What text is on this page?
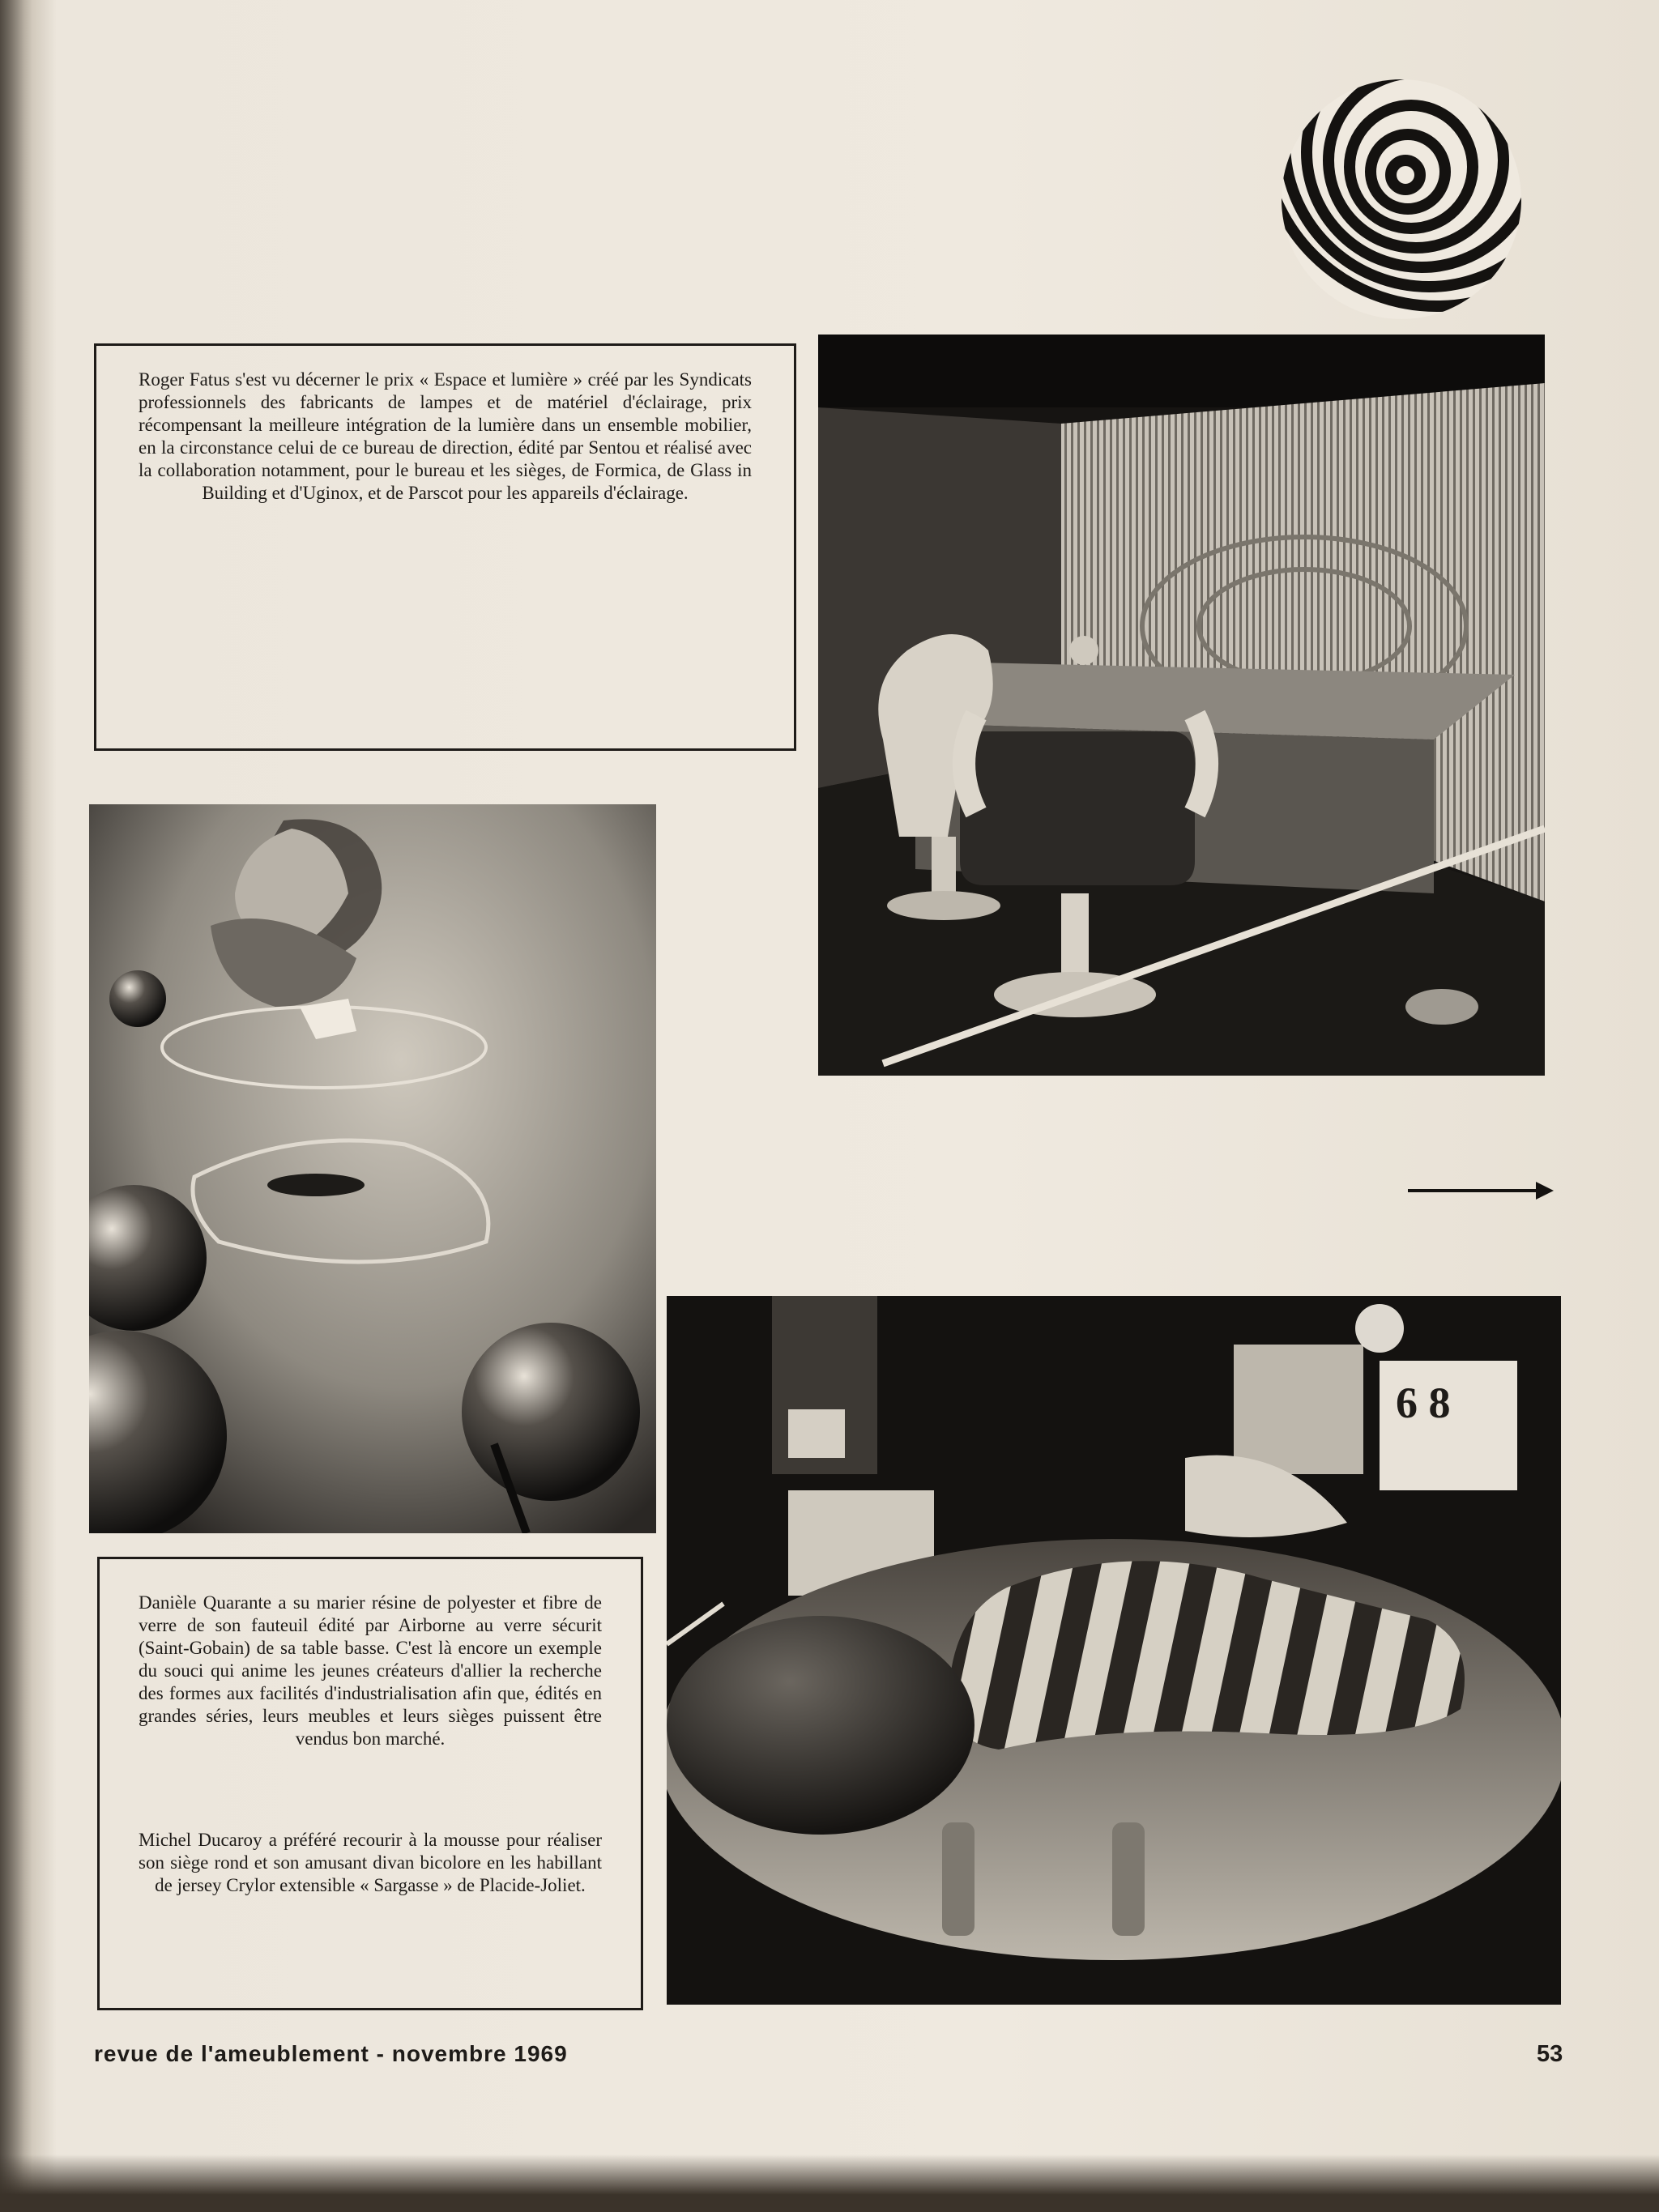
Roger Fatus s'est vu décerner le prix « Espace et lumière » créé par les Syndicats professionnels des fabricants de lampes et de matériel d'éclairage, prix récompensant la meilleure intégration de la lumière dans un ensemble mobilier, en la circonstance celui de ce bureau de direction, édité par Sentou et réalisé avec la collaboration notamment, pour le bureau et les sièges, de Formica, de Glass in Building et d'Uginox, et de Parscot pour les appareils d'éclairage.

6 8

Danièle Quarante a su marier résine de polyester et fibre de verre de son fauteuil édité par Airborne au verre sécurit (Saint-Gobain) de sa table basse. C'est là encore un exemple du souci qui anime les jeunes créateurs d'allier la recherche des formes aux facilités d'industrialisation afin que, édités en grandes séries, leurs meubles et leurs sièges puissent être vendus bon marché.

Michel Ducaroy a préféré recourir à la mousse pour réaliser son siège rond et son amusant divan bicolore en les habillant de jersey Crylor extensible « Sargasse » de Placide-Joliet.

revue de l'ameublement - novembre 1969	53
